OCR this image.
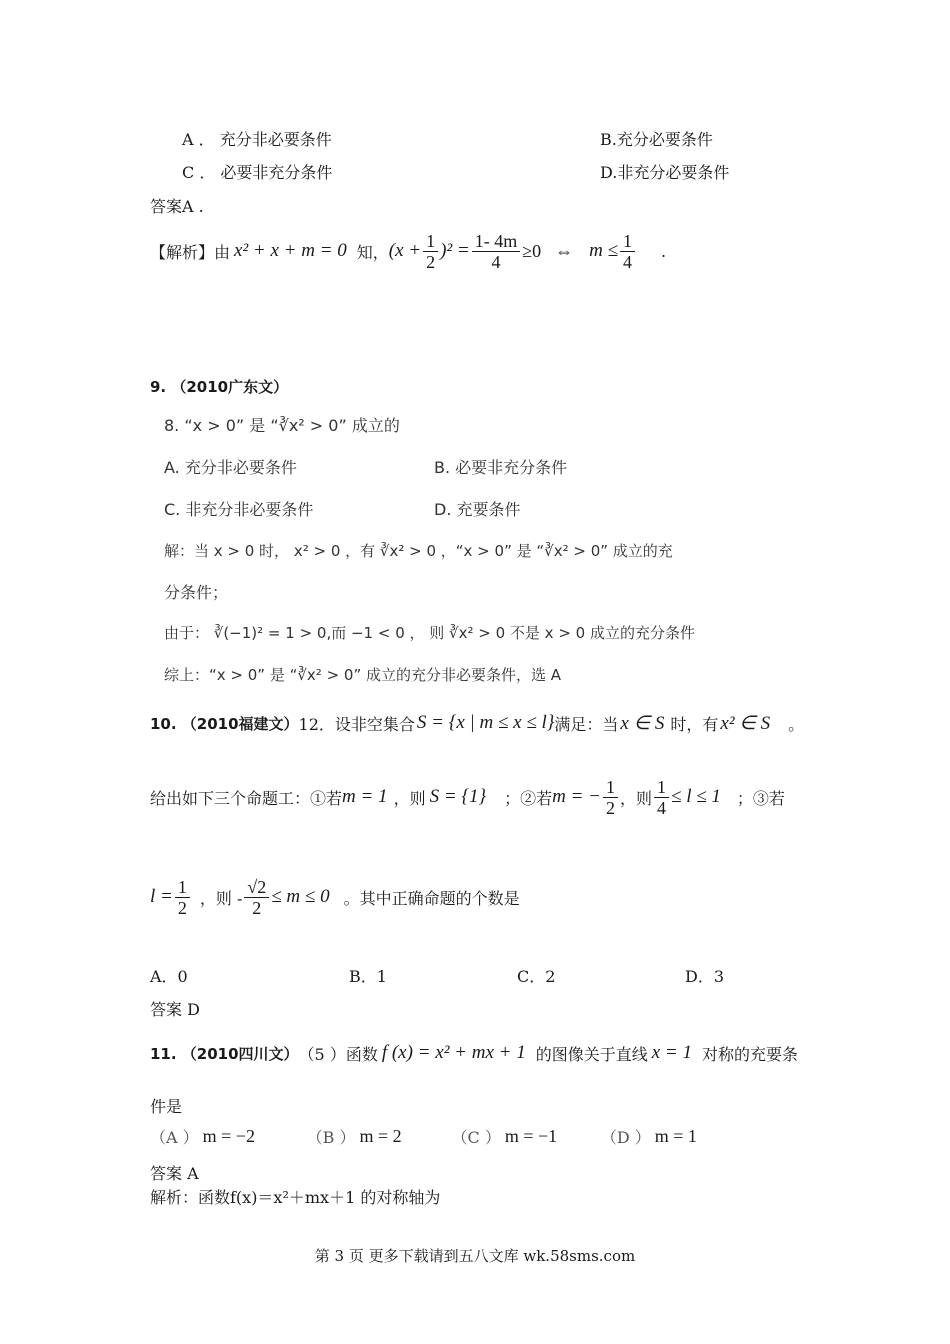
A ． 充分非必要条件	B.充分必要条件
C ． 必要非充分条件	D.非充分必要条件
答案A .
【解析】由 x² + x + m = 0 知， $(x + \frac{1}{2} )^2 = \frac{1- 4m}{4} \ge 0$ ⇔ $m \le \frac{1}{4}$ .
9. （2010广东文）
8. “x > 0” 是 “∛x² > 0” 成立的
A. 充分非必要条件	B. 必要非充分条件
C. 非充分非必要条件	D. 充要条件
解：当 x > 0 时， x² > 0 ，有 ∛x² > 0 ，“x > 0” 是 “∛x² > 0” 成立的充
分条件；
由于： ∛(−1)² = 1 > 0,而 −1 < 0 ， 则 ∛x² > 0 不是 x > 0 成立的充分条件
综上：“x > 0” 是 “∛x² > 0” 成立的充分非必要条件，选 A
10. （2010福建文） 12．设非空集合 S = {x | m ≤ x ≤ l} 满足：当 x ∈ S 时，有 x² ∈ S 。
给出如下三个命题工：①若 m = 1 ，则 S = {1} ；②若 m = − $\frac{1}{2}$ ，则 $\frac{1}{4} \le l \le 1$ ；③若
$l = \frac{1}{2}$ ，则 - $\frac{√2}{2} \le m \le 0$ 。其中正确命题的个数是
A．0	B．1	C．2	D．3
答案 D
11. （2010四川文） （5 ）函数 f (x) = x² + mx + 1 的图像关于直线 x = 1 对称的充要条
件是
（A ） m = −2	（B ） m = 2	（C ） m = −1	（D ） m = 1
答案 A
解析：函数f(x)＝x²＋mx＋1 的对称轴为
第 3 页 更多下载请到五八文库 wk.58sms.com
